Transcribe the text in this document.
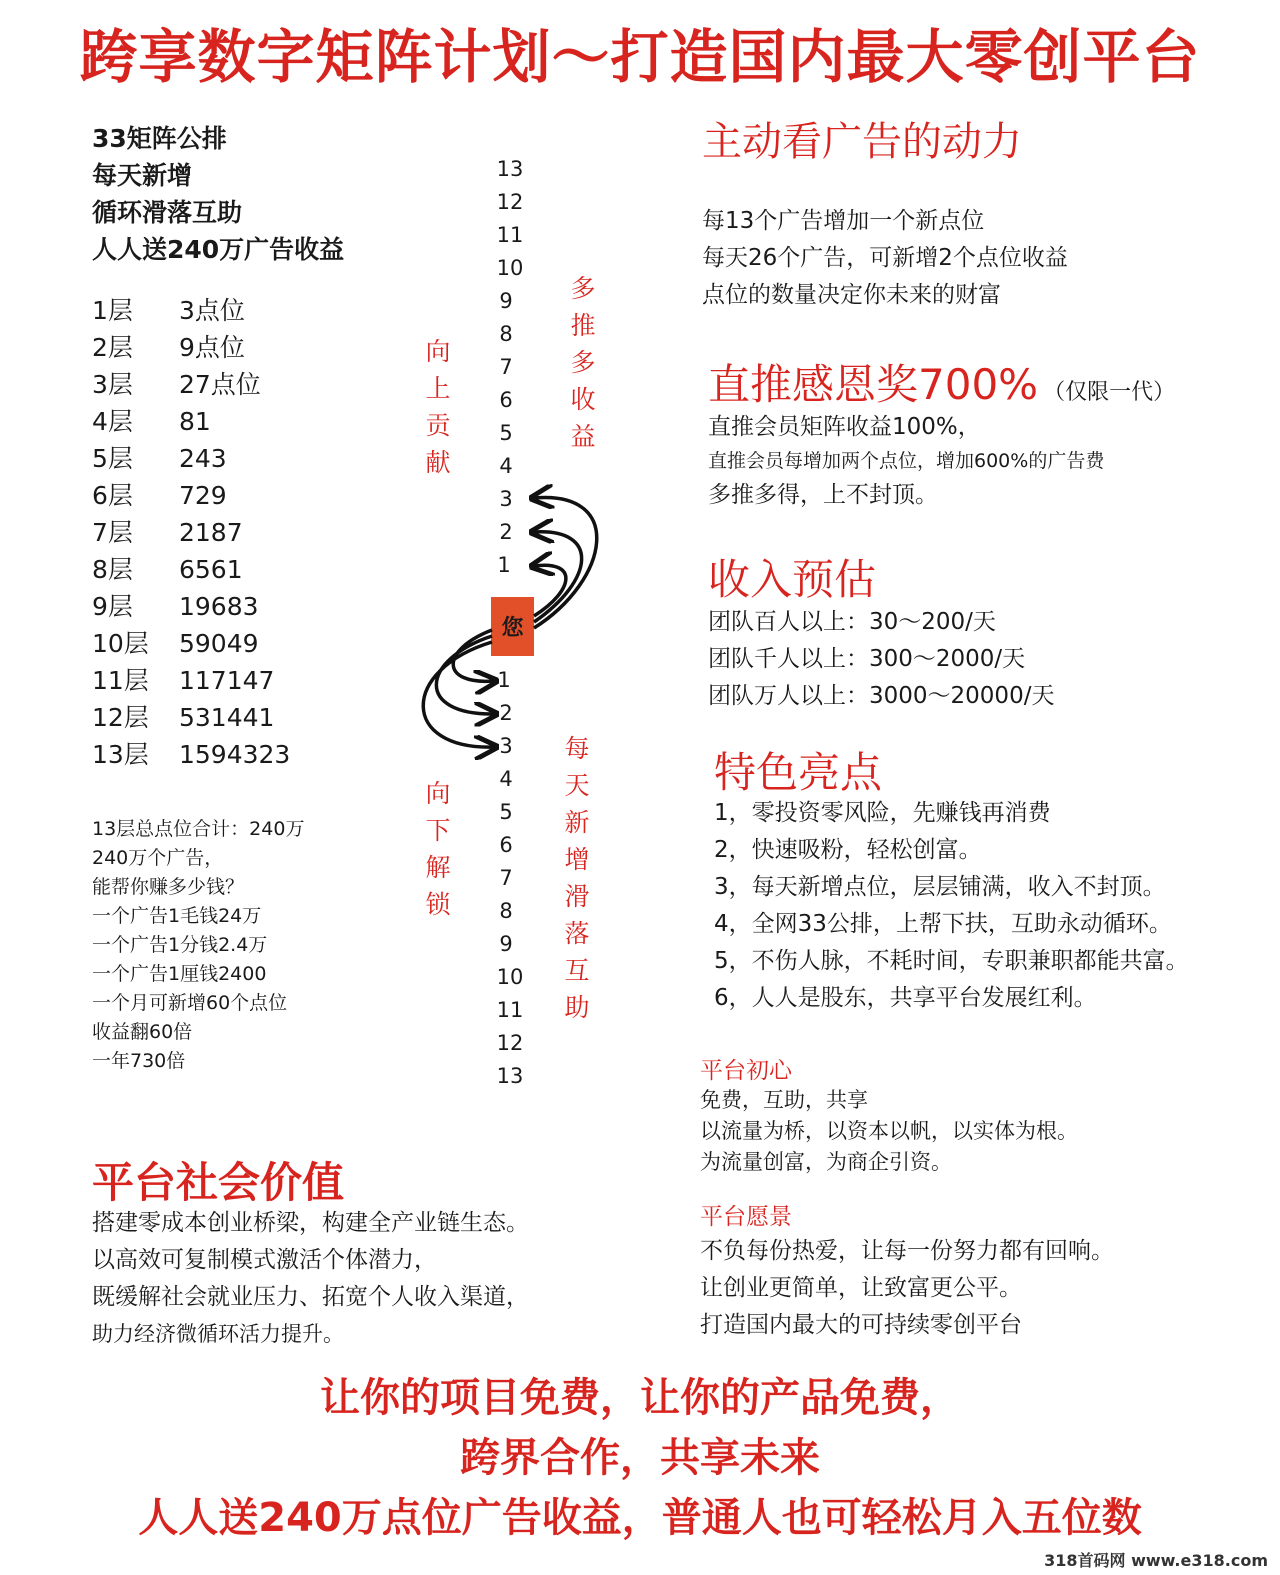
跨享数字矩阵计划～打造国内最大零创平台
33矩阵公排
每天新增
循环滑落互助
人人送240万广告收益
1层	3点位
2层	9点位
3层	27点位
4层	81
5层	243
6层	729
7层	2187
8层	6561
9层	19683
10层	59049
11层	117147
12层	531441
13层	1594323
13层总点位合计：240万
240万个广告，
能帮你赚多少钱？
一个广告1毛钱24万
一个广告1分钱2.4万
一个广告1厘钱2400
一个月可新增60个点位
收益翻60倍
一年730倍
向
上
贡
献
多
推
多
收
益
向
下
解
锁
每
天
新
增
滑
落
互
助
13
12
11
10
9
8
7
6
5
4
3
2
1
您
1
2
3
4
5
6
7
8
9
10
11
12
13
主动看广告的动力
每13个广告增加一个新点位
每天26个广告，可新增2个点位收益
点位的数量决定你未来的财富
直推感恩奖700% （仅限一代）
直推会员矩阵收益100%，
直推会员每增加两个点位，增加600%的广告费
多推多得，上不封顶。
收入预估
团队百人以上：30～200/天
团队千人以上：300～2000/天
团队万人以上：3000～20000/天
特色亮点
1，零投资零风险，先赚钱再消费
2，快速吸粉，轻松创富。
3，每天新增点位，层层铺满，收入不封顶。
4，全网33公排，上帮下扶，互助永动循环。
5，不伤人脉，不耗时间，专职兼职都能共富。
6，人人是股东，共享平台发展红利。
平台初心
免费，互助，共享
以流量为桥，以资本以帆，以实体为根。
为流量创富，为商企引资。
平台愿景
不负每份热爱，让每一份努力都有回响。
让创业更简单，让致富更公平。
打造国内最大的可持续零创平台
平台社会价值
搭建零成本创业桥梁，构建全产业链生态。
以高效可复制模式激活个体潜力，
既缓解社会就业压力、拓宽个人收入渠道，
助力经济微循环活力提升。
让你的项目免费，让你的产品免费，
跨界合作，共享未来
人人送240万点位广告收益，普通人也可轻松月入五位数
318首码网 www.e318.com
